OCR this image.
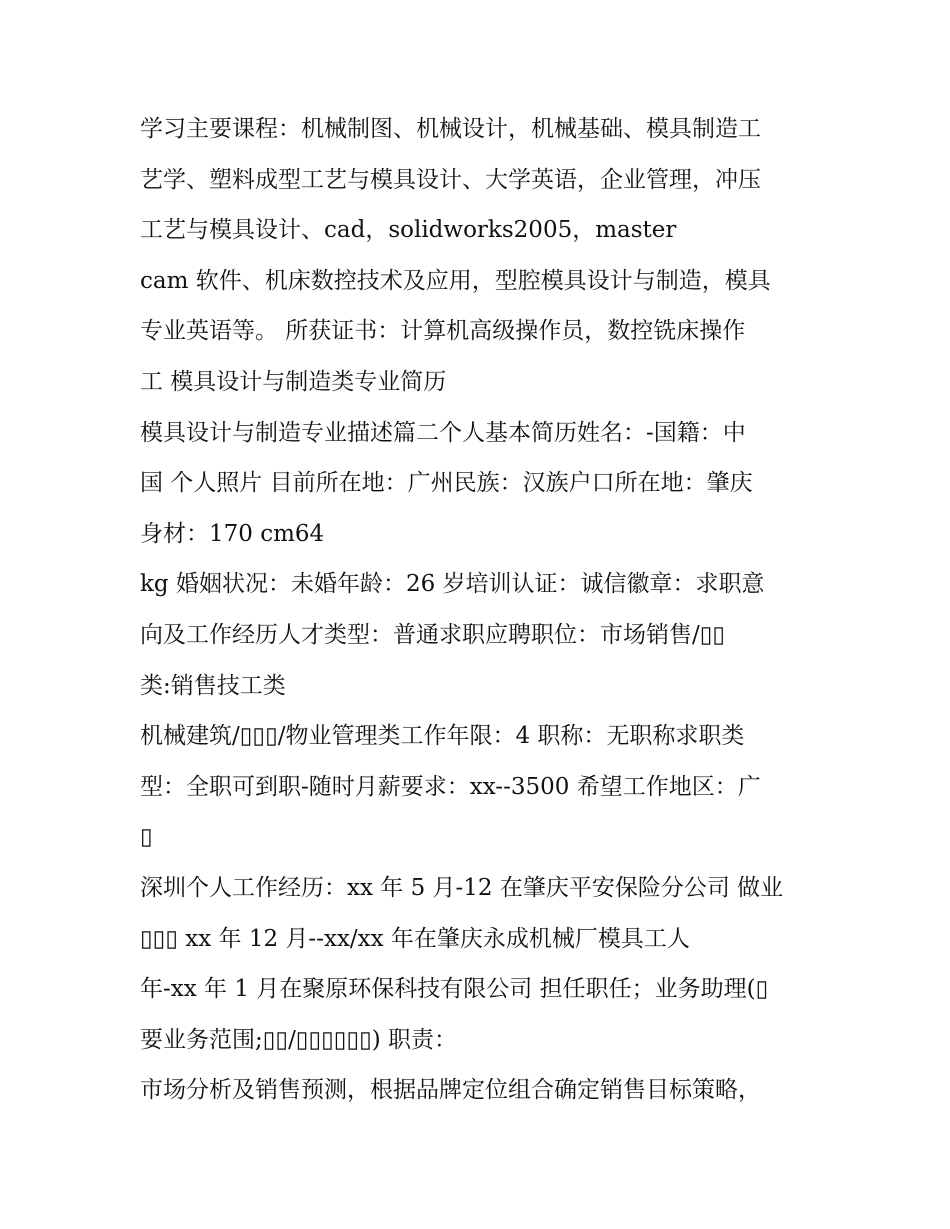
学习主要课程：机械制图、机械设计，机械基础、模具制造工
艺学、塑料成型工艺与模具设计、大学英语，企业管理，冲压
工艺与模具设计、cad，solidworks2005，master
cam 软件、机床数控技术及应用，型腔模具设计与制造，模具
专业英语等。 所获证书：计算机高级操作员，数控铣床操作
工 模具设计与制造类专业简历
模具设计与制造专业描述篇二个人基本简历姓名：-国籍：中
国 个人照片 目前所在地：广州民族：汉族户口所在地：肇庆
身材：170 cm64
kg 婚姻状况：未婚年龄：26 岁培训认证：诚信徽章：求职意
向及工作经历人才类型：普通求职应聘职位：市场销售/▯▯
类:销售技工类
机械建筑/▯▯▯/物业管理类工作年限：4 职称：无职称求职类
型：全职可到职-随时月薪要求：xx--3500 希望工作地区：广
▯
深圳个人工作经历：xx 年 5 月-12 在肇庆平安保险分公司 做业
▯▯▯ xx 年 12 月--xx/xx 年在肇庆永成机械厂模具工人
年-xx 年 1 月在聚原环保科技有限公司 担任职任；业务助理(▯
要业务范围;▯▯/▯▯▯▯▯▯) 职责：
市场分析及销售预测，根据品牌定位组合确定销售目标策略，
